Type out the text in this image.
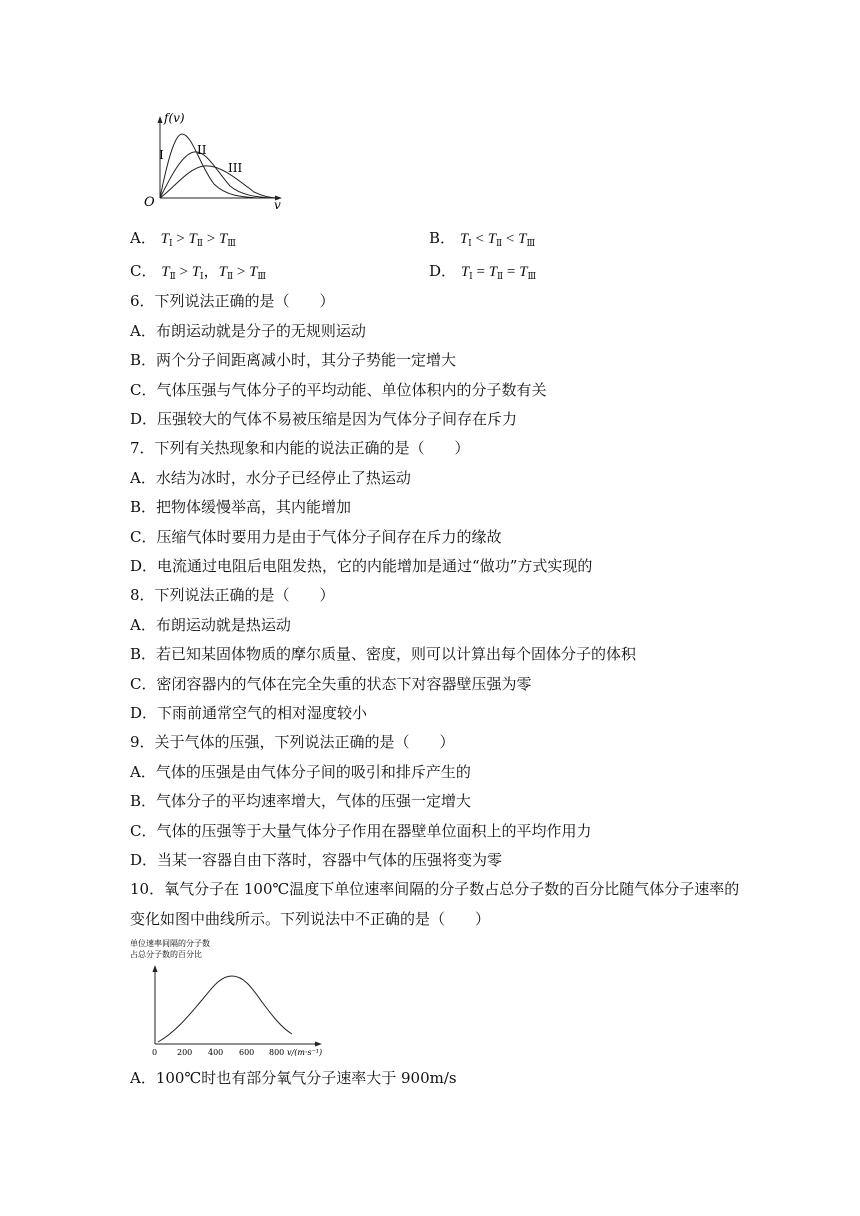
f(v)
v
O
I	II
III
A． $T_Ⅰ > T_Ⅱ > T_Ⅲ$	B． $T_Ⅰ < T_Ⅱ < T_Ⅲ$
C． $T_Ⅱ > T_Ⅰ$，$T_Ⅱ > T_Ⅲ$	D． $T_Ⅰ = T_Ⅱ = T_Ⅲ$
6．下列说法正确的是（　　）
A．布朗运动就是分子的无规则运动
B．两个分子间距离减小时，其分子势能一定增大
C．气体压强与气体分子的平均动能、单位体积内的分子数有关
D．压强较大的气体不易被压缩是因为气体分子间存在斥力
7．下列有关热现象和内能的说法正确的是（　　）
A．水结为冰时，水分子已经停止了热运动
B．把物体缓慢举高，其内能增加
C．压缩气体时要用力是由于气体分子间存在斥力的缘故
D．电流通过电阻后电阻发热，它的内能增加是通过“做功”方式实现的
8．下列说法正确的是（　　）
A．布朗运动就是热运动
B．若已知某固体物质的摩尔质量、密度，则可以计算出每个固体分子的体积
C．密闭容器内的气体在完全失重的状态下对容器壁压强为零
D．下雨前通常空气的相对湿度较小
9．关于气体的压强，下列说法正确的是（　　）
A．气体的压强是由气体分子间的吸引和排斥产生的
B．气体分子的平均速率增大，气体的压强一定增大
C．气体的压强等于大量气体分子作用在器壁单位面积上的平均作用力
D．当某一容器自由下落时，容器中气体的压强将变为零
10．氧气分子在 100℃温度下单位速率间隔的分子数占总分子数的百分比随气体分子速率的
变化如图中曲线所示。下列说法中不正确的是（　　）
单位速率间隔的分子数
占总分子数的百分比
0 200 400 600 800 v/(m·s⁻¹)
A．100℃时也有部分氧气分子速率大于 900m/s
